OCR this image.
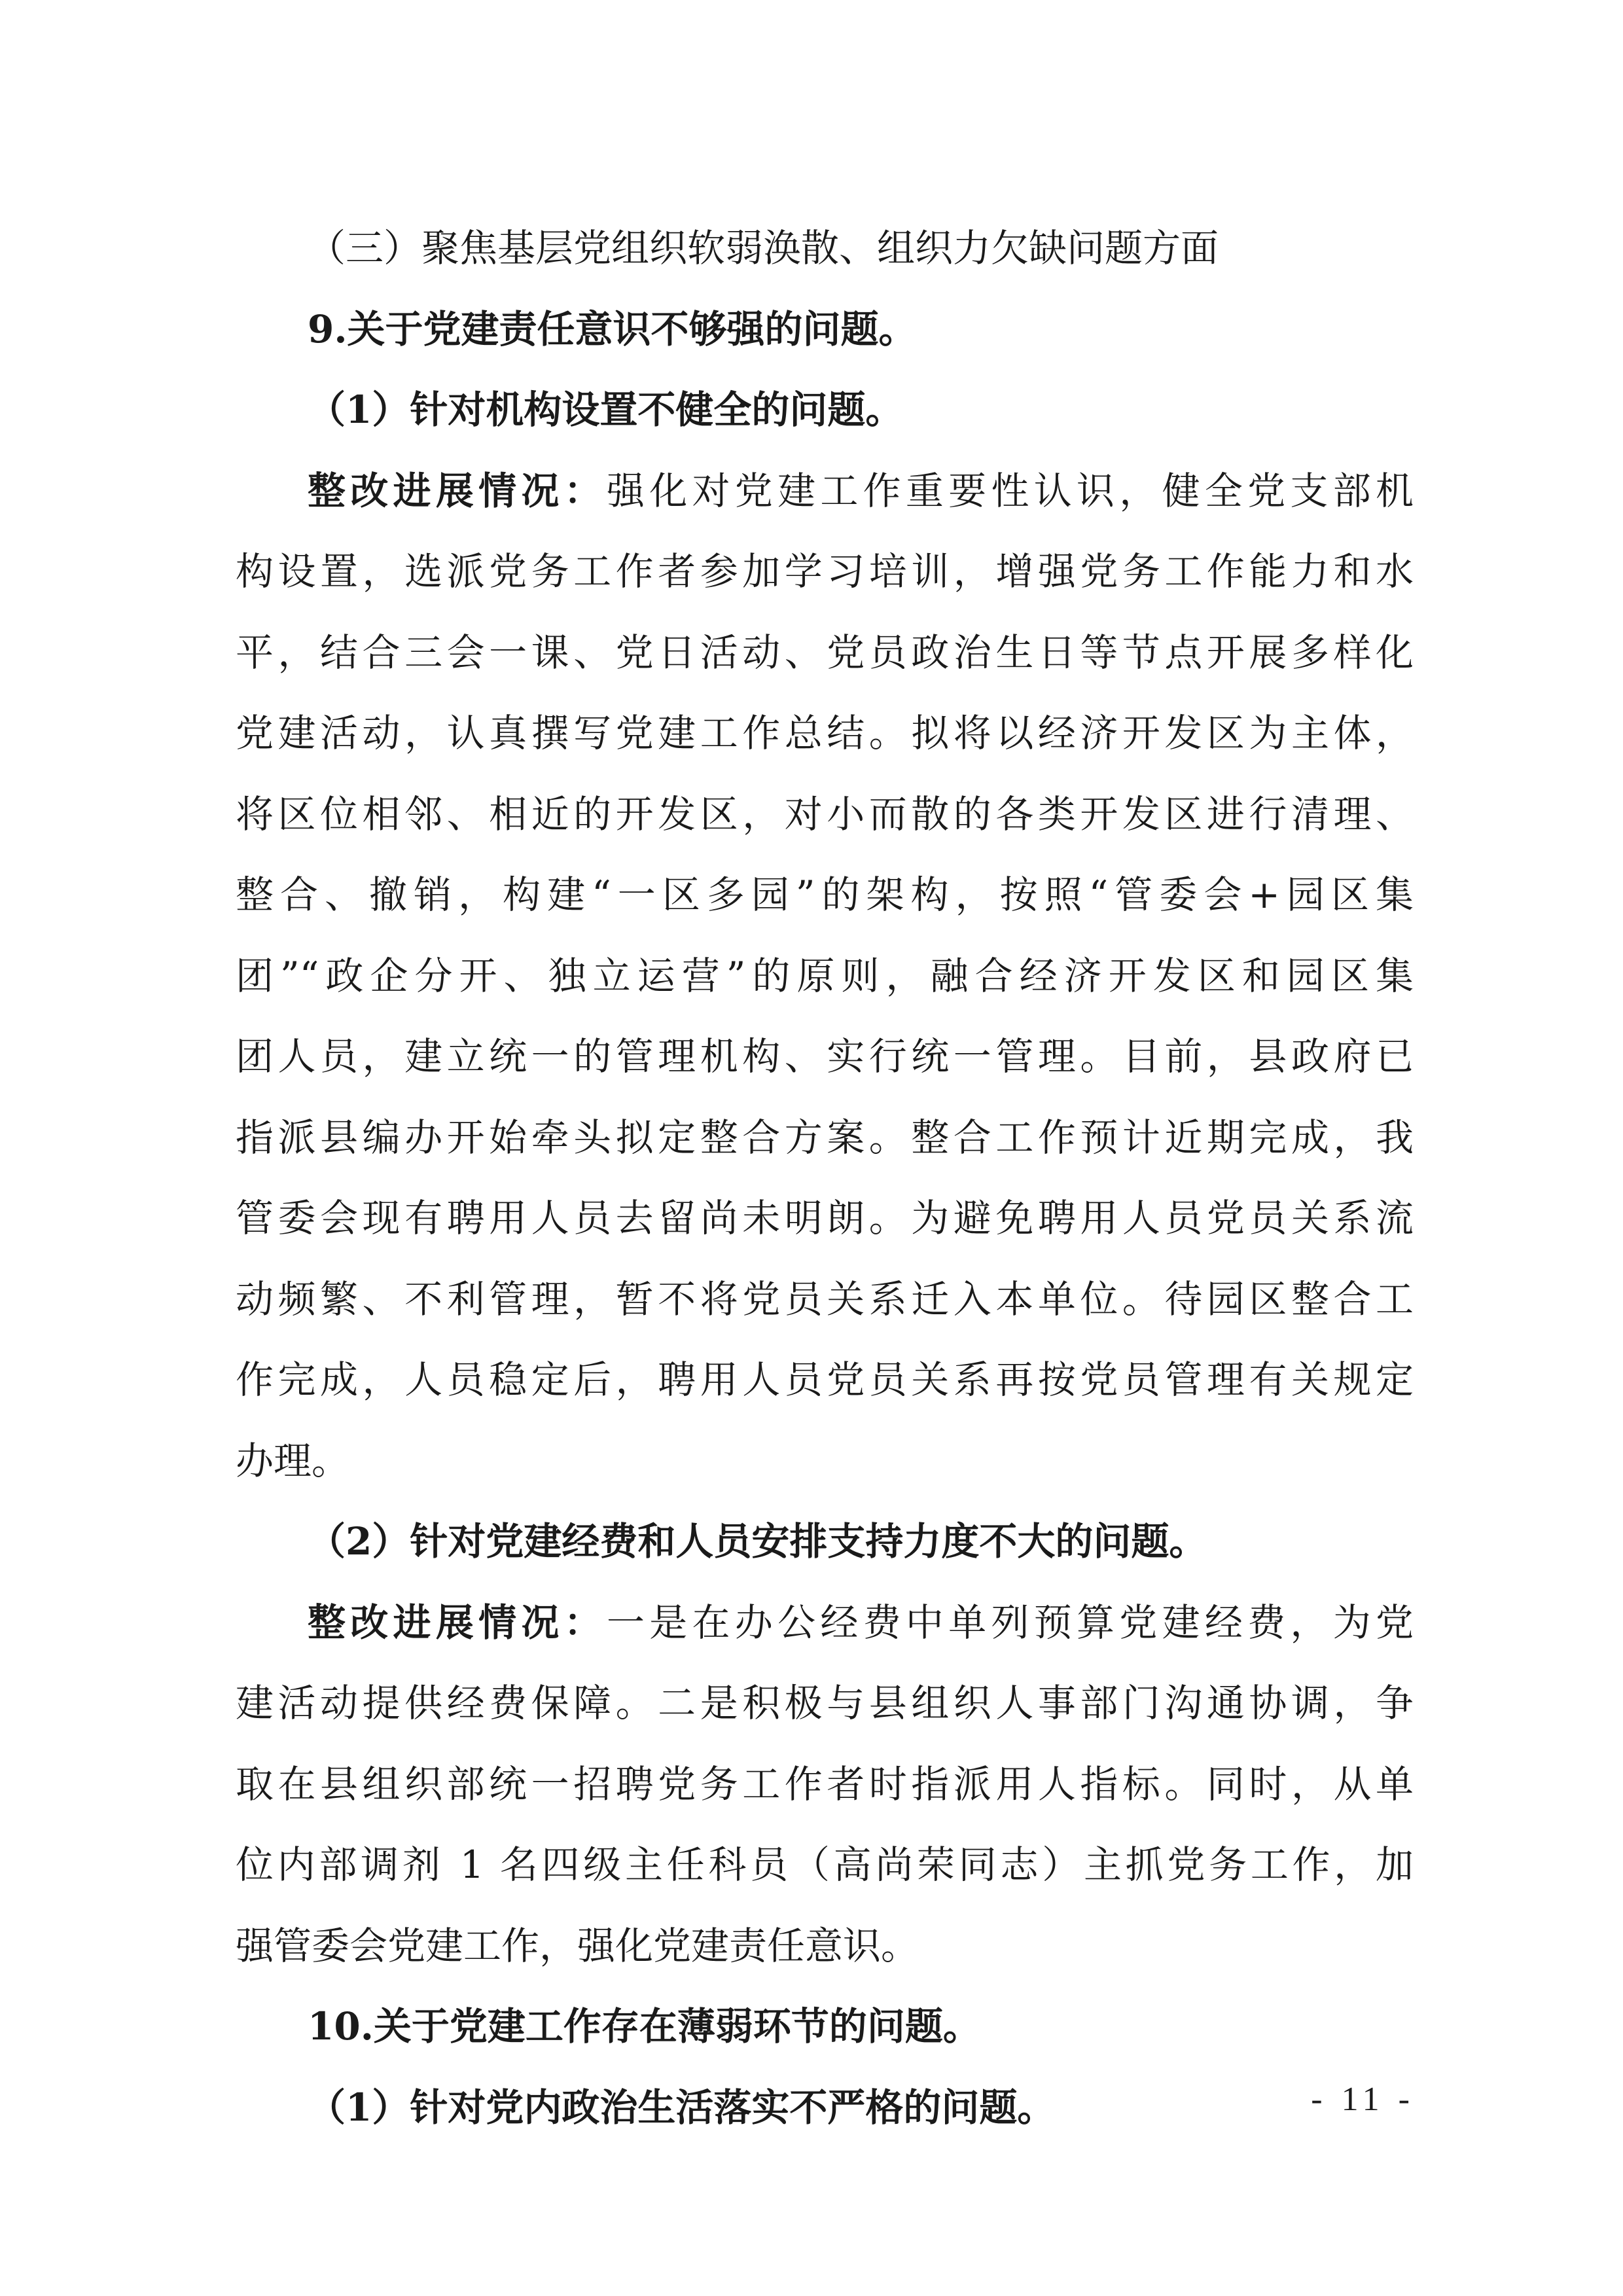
（三）聚焦基层党组织软弱涣散、组织力欠缺问题方面
9.关于党建责任意识不够强的问题。
（1）针对机构设置不健全的问题。
整改进展情况：强化对党建工作重要性认识，健全党支部机
构设置，选派党务工作者参加学习培训，增强党务工作能力和水
平，结合三会一课、党日活动、党员政治生日等节点开展多样化
党建活动，认真撰写党建工作总结。拟将以经济开发区为主体，
将区位相邻、相近的开发区，对小而散的各类开发区进行清理、
整合、撤销，构建“一区多园”的架构，按照“管委会+园区集
团”“政企分开、独立运营”的原则，融合经济开发区和园区集
团人员，建立统一的管理机构、实行统一管理。目前，县政府已
指派县编办开始牵头拟定整合方案。整合工作预计近期完成，我
管委会现有聘用人员去留尚未明朗。为避免聘用人员党员关系流
动频繁、不利管理，暂不将党员关系迁入本单位。待园区整合工
作完成，人员稳定后，聘用人员党员关系再按党员管理有关规定
办理。
（2）针对党建经费和人员安排支持力度不大的问题。
整改进展情况：一是在办公经费中单列预算党建经费，为党
建活动提供经费保障。二是积极与县组织人事部门沟通协调，争
取在县组织部统一招聘党务工作者时指派用人指标。同时，从单
位内部调剂 1 名四级主任科员（高尚荣同志）主抓党务工作，加
强管委会党建工作，强化党建责任意识。
10.关于党建工作存在薄弱环节的问题。
（1）针对党内政治生活落实不严格的问题。	- 11 -
